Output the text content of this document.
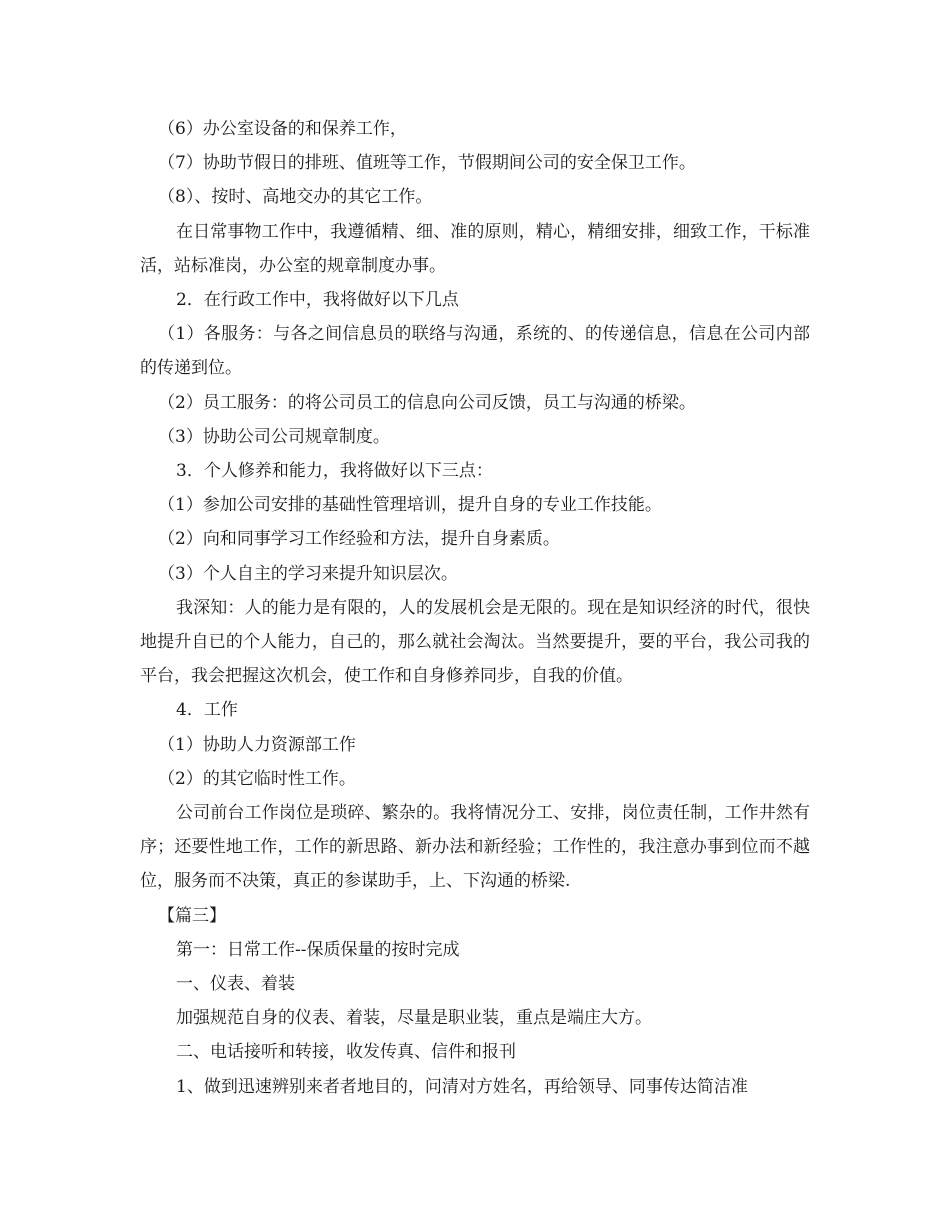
（6）办公室设备的和保养工作，

（7）协助节假日的排班、值班等工作，节假期间公司的安全保卫工作。

（8）、按时、高地交办的其它工作。

在日常事物工作中，我遵循精、细、准的原则，精心，精细安排，细致工作，干标准活，站标准岗，办公室的规章制度办事。

2．在行政工作中，我将做好以下几点

（1）各服务：与各之间信息员的联络与沟通，系统的、的传递信息，信息在公司内部的传递到位。

（2）员工服务：的将公司员工的信息向公司反馈，员工与沟通的桥梁。

（3）协助公司公司规章制度。

3．个人修养和能力，我将做好以下三点：

（1）参加公司安排的基础性管理培训，提升自身的专业工作技能。

（2）向和同事学习工作经验和方法，提升自身素质。

（3）个人自主的学习来提升知识层次。

我深知：人的能力是有限的，人的发展机会是无限的。现在是知识经济的时代，很快地提升自已的个人能力，自己的，那么就社会淘汰。当然要提升，要的平台，我公司我的平台，我会把握这次机会，使工作和自身修养同步，自我的价值。

4．工作

（1）协助人力资源部工作

（2）的其它临时性工作。

公司前台工作岗位是琐碎、繁杂的。我将情况分工、安排，岗位责任制，工作井然有序；还要性地工作，工作的新思路、新办法和新经验；工作性的，我注意办事到位而不越位，服务而不决策，真正的参谋助手，上、下沟通的桥梁.

【篇三】

第一：日常工作--保质保量的按时完成

一、仪表、着装

加强规范自身的仪表、着装，尽量是职业装，重点是端庄大方。

二、电话接听和转接，收发传真、信件和报刊

1、做到迅速辨别来者者地目的，问清对方姓名，再给领导、同事传达简洁准
